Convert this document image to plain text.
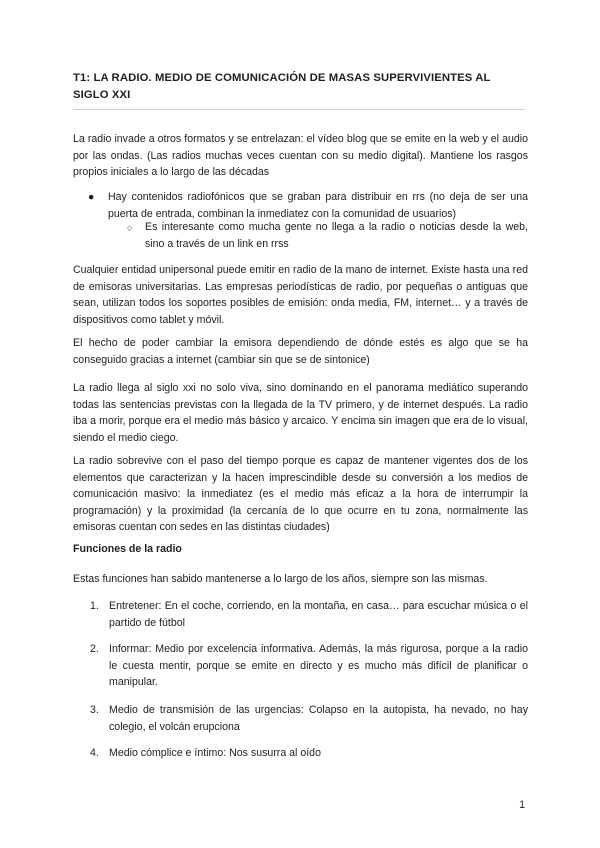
T1: LA RADIO. MEDIO DE COMUNICACIÓN DE MASAS SUPERVIVIENTES AL SIGLO XXI

La radio invade a otros formatos y se entrelazan: el vídeo blog que se emite en la web y el audio por las ondas. (Las radios muchas veces cuentan con su medio digital). Mantiene los rasgos propios iniciales a lo largo de las décadas

● Hay contenidos radiofónicos que se graban para distribuir en rrs (no deja de ser una puerta de entrada, combinan la inmediatez con la comunidad de usuarios)
○ Es interesante como mucha gente no llega a la radio o noticias desde la web, sino a través de un link en rrss

Cualquier entidad unipersonal puede emitir en radio de la mano de internet. Existe hasta una red de emisoras universitarias. Las empresas periodísticas de radio, por pequeñas o antiguas que sean, utilizan todos los soportes posibles de emisión: onda media, FM, internet… y a través de dispositivos como tablet y móvil.

El hecho de poder cambiar la emisora dependiendo de dónde estés es algo que se ha conseguido gracias a internet (cambiar sin que se de sintonice)

La radio llega al siglo xxi no solo viva, sino dominando en el panorama mediático superando todas las sentencias previstas con la llegada de la TV primero, y de internet después. La radio iba a morir, porque era el medio más básico y arcaico. Y encima sin imagen que era de lo visual, siendo el medio ciego.

La radio sobrevive con el paso del tiempo porque es capaz de mantener vigentes dos de los elementos que caracterizan y la hacen imprescindible desde su conversión a los medios de comunicación masivo: la inmediatez (es el medio más eficaz a la hora de interrumpir la programación) y la proximidad (la cercanía de lo que ocurre en tu zona, normalmente las emisoras cuentan con sedes en las distintas ciudades)

Funciones de la radio

Estas funciones han sabido mantenerse a lo largo de los años, siempre son las mismas.

1. Entretener: En el coche, corriendo, en la montaña, en casa… para escuchar música o el partido de fútbol
2. Informar: Medio por excelencia informativa. Además, la más rigurosa, porque a la radio le cuesta mentir, porque se emite en directo y es mucho más difícil de planificar o manipular.
3. Medio de transmisión de las urgencias: Colapso en la autopista, ha nevado, no hay colegio, el volcán erupciona
4. Medio cómplice e íntimo: Nos susurra al oído
1
